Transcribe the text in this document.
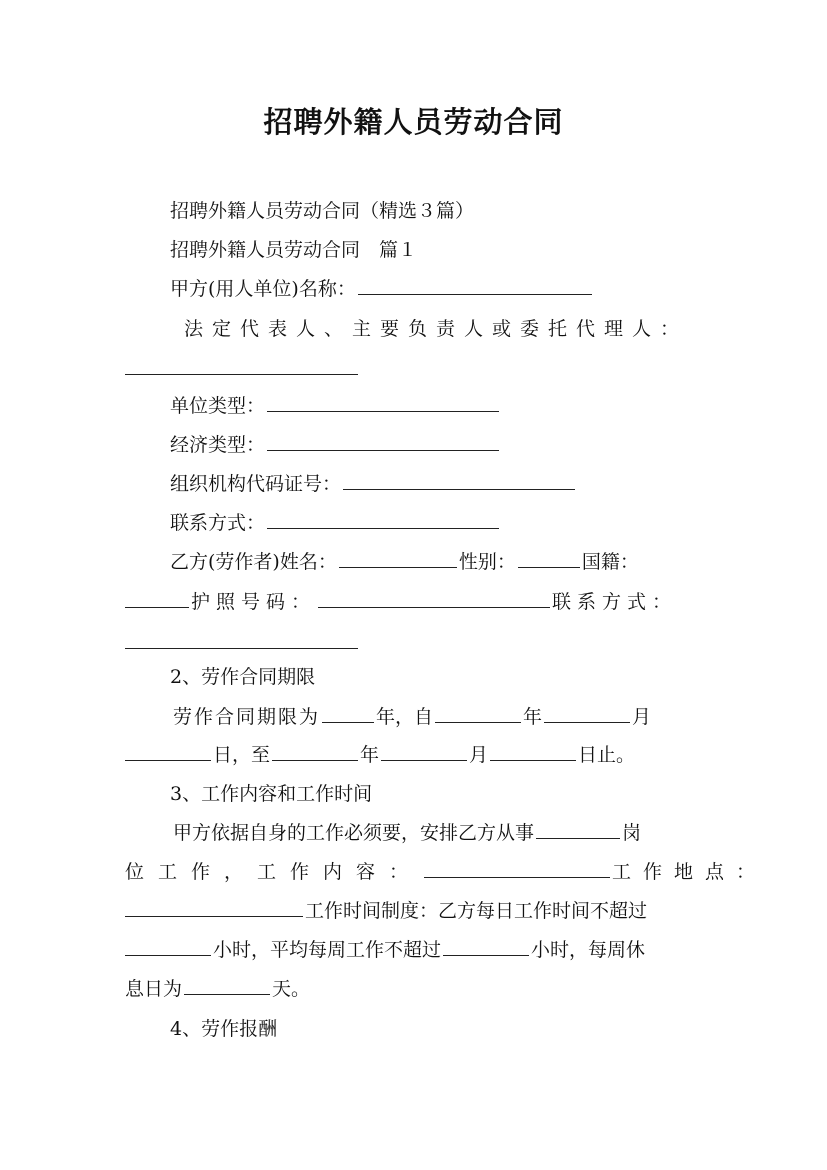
招聘外籍人员劳动合同
招聘外籍人员劳动合同（精选３篇）
招聘外籍人员劳动合同　篇１
甲方(用人单位)名称：
法定代表人、主要负责人或委托代理人：
单位类型：
经济类型：
组织机构代码证号：
联系方式：
乙方(劳作者)姓名：	性别：	国籍：
护照号码：	联系方式：
2、劳作合同期限
劳作合同期限为	年，自	年	月
日，至	年	月	日止。
3、工作内容和工作时间
甲方依据自身的工作必须要，安排乙方从事	岗
位工作，工作内容：	工作地点：
工作时间制度：乙方每日工作时间不超过
小时，平均每周工作不超过	小时，每周休
息日为	天。
4、劳作报酬
